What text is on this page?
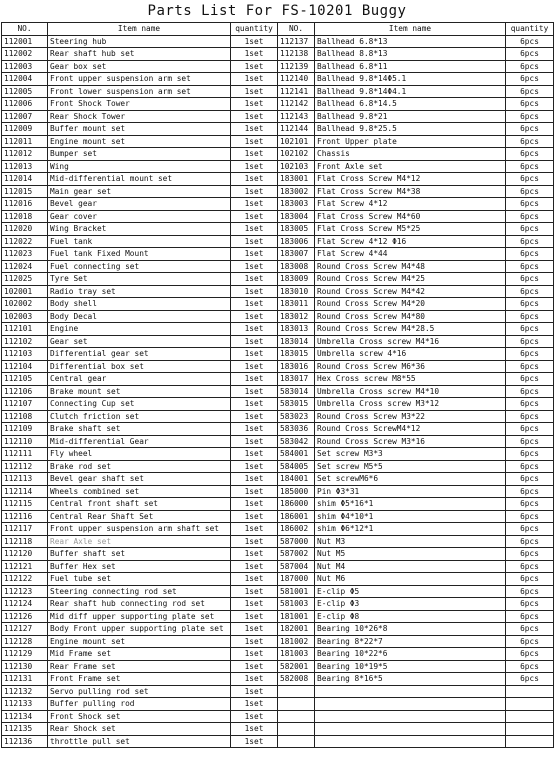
Parts List For FS-10201 Buggy
NO.	Item name	quantity	NO.	Item name	quantity
112001	Steering hub	1set	112137	Ballhead 6.8*13	6pcs
112002	Rear shaft hub set	1set	112138	Ballhead 8.8*13	6pcs
112003	Gear box set	1set	112139	Ballhead 6.8*11	6pcs
112004	Front upper suspension arm set	1set	112140	Ballhead 9.8*14Φ5.1	6pcs
112005	Front lower suspension arm set	1set	112141	Ballhead 9.8*14Φ4.1	6pcs
112006	Front Shock Tower	1set	112142	Ballhead 6.8*14.5	6pcs
112007	Rear Shock Tower	1set	112143	Ballhead 9.8*21	6pcs
112009	Buffer mount set	1set	112144	Ballhead 9.8*25.5	6pcs
112011	Engine mount set	1set	102101	Front Upper plate	6pcs
112012	Bumper set	1set	102102	Chassis	6pcs
112013	Wing	1set	102103	Front Axle set	6pcs
112014	Mid-differential mount set	1set	183001	Flat Cross Screw M4*12	6pcs
112015	Main gear set	1set	183002	Flat Cross Screw M4*38	6pcs
112016	Bevel gear	1set	183003	Flat Screw 4*12	6pcs
112018	Gear cover	1set	183004	Flat Cross Screw M4*60	6pcs
112020	Wing Bracket	1set	183005	Flat Cross Screw M5*25	6pcs
112022	Fuel tank	1set	183006	Flat Screw 4*12 Φ16	6pcs
112023	Fuel tank Fixed Mount	1set	183007	Flat Screw 4*44	6pcs
112024	Fuel connecting set	1set	183008	Round Cross Screw M4*48	6pcs
112025	Tyre Set	1set	183009	Round Cross Screw M4*25	6pcs
102001	Radio tray set	1set	183010	Round Cross Screw M4*42	6pcs
102002	Body shell	1set	183011	Round Cross Screw M4*20	6pcs
102003	Body Decal	1set	183012	Round Cross Screw M4*80	6pcs
112101	Engine	1set	183013	Round Cross Screw M4*28.5	6pcs
112102	Gear set	1set	183014	Umbrella Cross screw M4*16	6pcs
112103	Differential gear set	1set	183015	Umbrella screw 4*16	6pcs
112104	Differential box set	1set	183016	Round Cross Screw M6*36	6pcs
112105	Central gear	1set	183017	Hex Cross screw M8*55	6pcs
112106	Brake mount set	1set	583014	Umbrella Cross screw M4*10	6pcs
112107	Connecting Cup set	1set	583015	Umbrella Cross screw M3*12	6pcs
112108	Clutch friction set	1set	583023	Round Cross Screw M3*22	6pcs
112109	Brake shaft set	1set	583036	Round Cross ScrewM4*12	6pcs
112110	Mid-differential Gear	1set	583042	Round Cross Screw M3*16	6pcs
112111	Fly wheel	1set	584001	Set screw M3*3	6pcs
112112	Brake rod set	1set	584005	Set screw M5*5	6pcs
112113	Bevel gear shaft set	1set	184001	Set screwM6*6	6pcs
112114	Wheels combined set	1set	185000	Pin Φ3*31	6pcs
112115	Central front shaft set	1set	186000	shim Φ5*16*1	6pcs
112116	Central Rear Shaft Set	1set	186001	shim Φ4*10*1	6pcs
112117	Front upper suspension arm shaft set	1set	186002	shim Φ6*12*1	6pcs
112118	Rear Axle set	1set	587000	Nut M3	6pcs
112120	Buffer shaft set	1set	587002	Nut M5	6pcs
112121	Buffer Hex set	1set	587004	Nut M4	6pcs
112122	Fuel tube set	1set	187000	Nut M6	6pcs
112123	Steering connecting rod set	1set	581001	E-clip Φ5	6pcs
112124	Rear shaft hub connecting rod set	1set	581003	E-clip Φ3	6pcs
112126	Mid diff upper supporting plate set	1set	181001	E-clip Φ8	6pcs
112127	Body Front upper supporting plate set	1set	182001	Bearing 10*26*8	6pcs
112128	Engine mount set	1set	181002	Bearing 8*22*7	6pcs
112129	Mid Frame set	1set	181003	Bearing 10*22*6	6pcs
112130	Rear Frame set	1set	582001	Bearing 10*19*5	6pcs
112131	Front Frame set	1set	582008	Bearing 8*16*5	6pcs
112132	Servo pulling rod set	1set			
112133	Buffer pulling rod	1set			
112134	Front Shock set	1set			
112135	Rear Shock set	1set			
112136	throttle pull set	1set			
